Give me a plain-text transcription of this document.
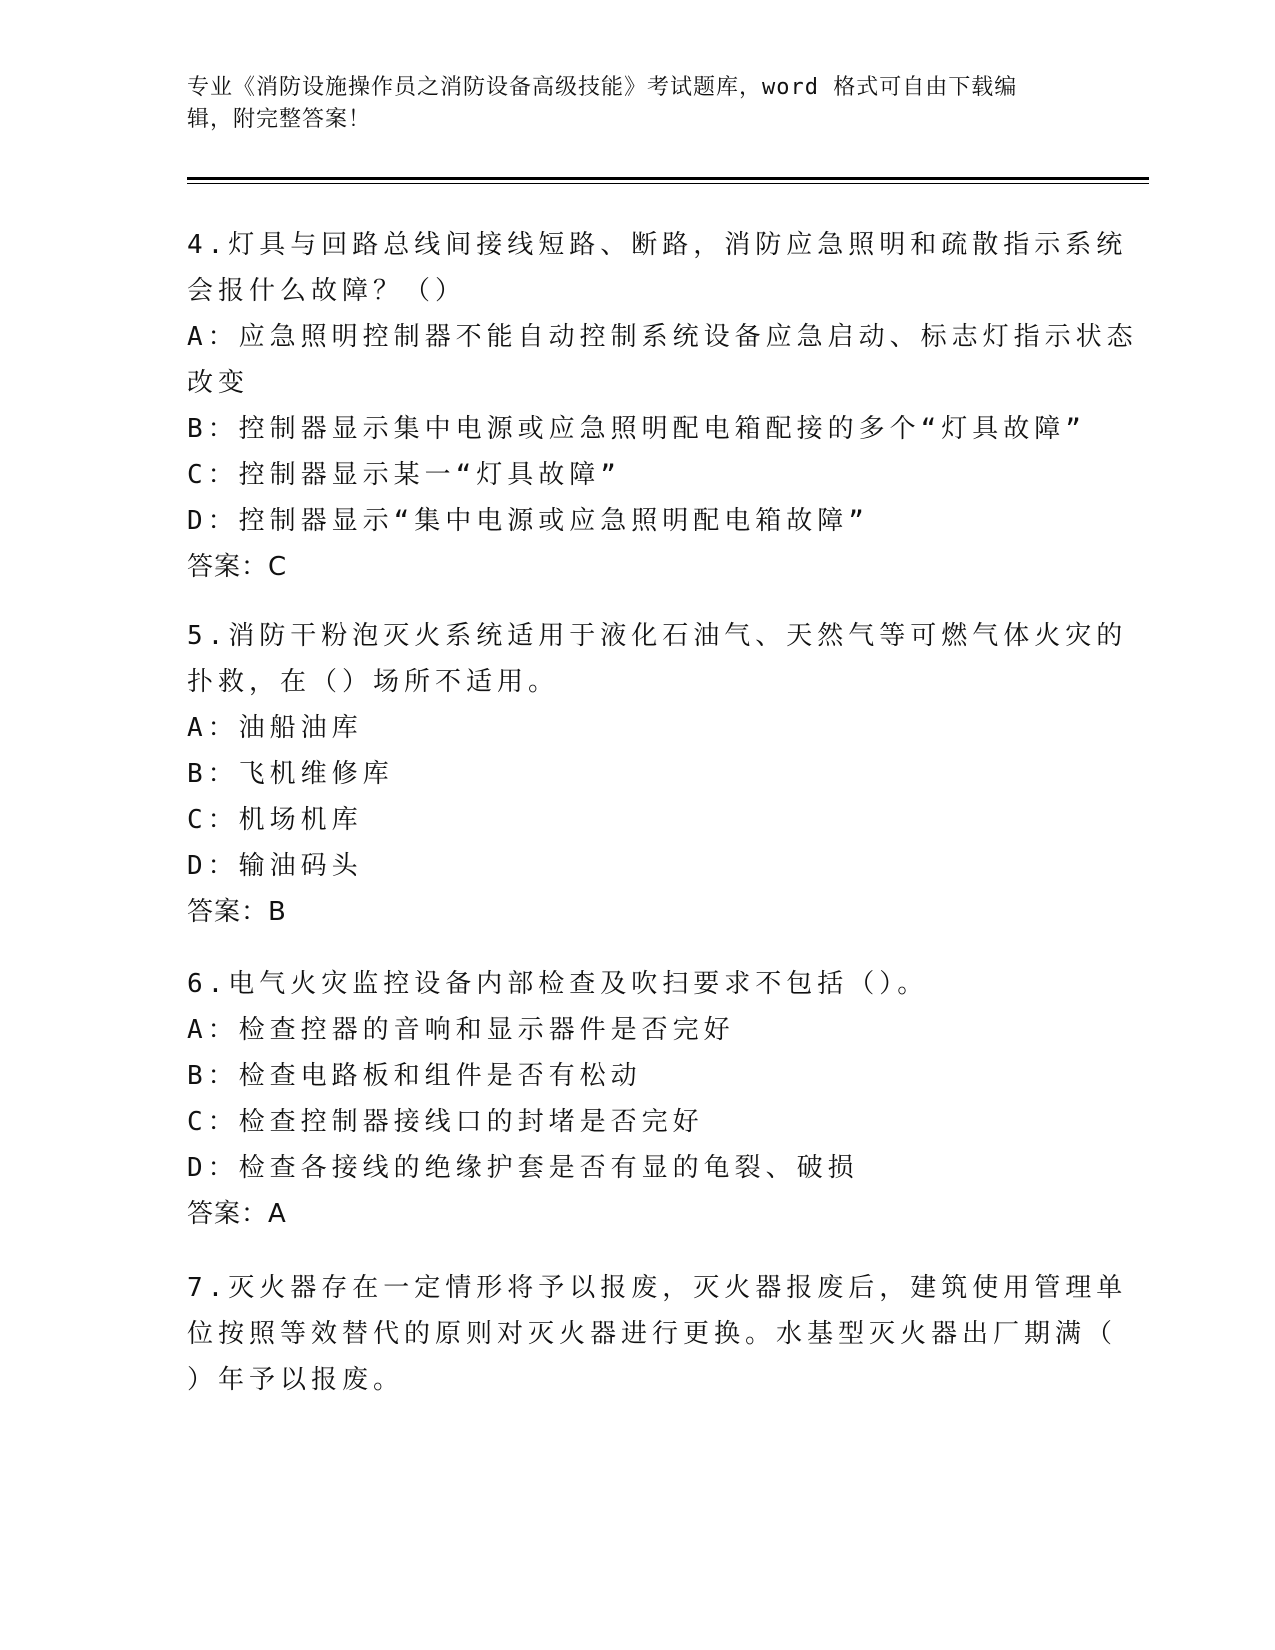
专业《消防设施操作员之消防设备高级技能》考试题库，word 格式可自由下载编
辑，附完整答案！
4.灯具与回路总线间接线短路、断路，消防应急照明和疏散指示系统
会报什么故障？（）
A：应急照明控制器不能自动控制系统设备应急启动、标志灯指示状态
改变
B：控制器显示集中电源或应急照明配电箱配接的多个“灯具故障”
C：控制器显示某一“灯具故障”
D：控制器显示“集中电源或应急照明配电箱故障”
答案：C
5.消防干粉泡灭火系统适用于液化石油气、天然气等可燃气体火灾的
扑救，在（）场所不适用。
A：油船油库
B：飞机维修库
C：机场机库
D：输油码头
答案：B
6.电气火灾监控设备内部检查及吹扫要求不包括（）。
A：检查控器的音响和显示器件是否完好
B：检查电路板和组件是否有松动
C：检查控制器接线口的封堵是否完好
D：检查各接线的绝缘护套是否有显的龟裂、破损
答案：A
7.灭火器存在一定情形将予以报废，灭火器报废后，建筑使用管理单
位按照等效替代的原则对灭火器进行更换。水基型灭火器出厂期满（
）年予以报废。
